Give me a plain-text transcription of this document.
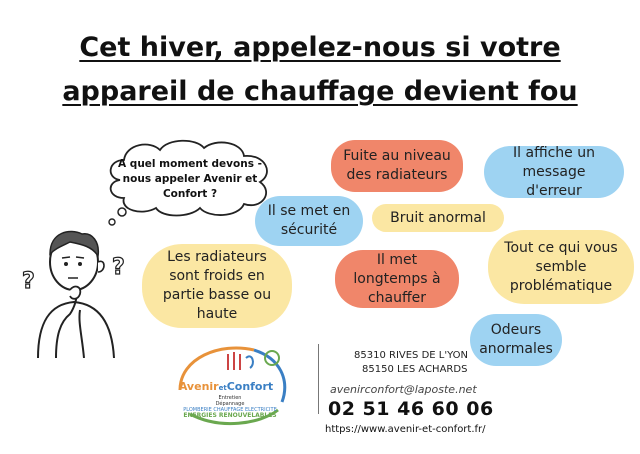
Cet hiver, appelez-nous si votre
appareil de chauffage devient fou
A quel moment devons - nous appeler Avenir et Confort ?
?
?
Fuite au niveau des radiateurs
Il affiche un message d'erreur
Il se met en sécurité
Bruit anormal
Les radiateurs sont froids en partie basse ou haute
Il met longtemps à chauffer
Tout ce qui vous semble problématique
Odeurs anormales
AveniretConfort
Entretien
Dépannage
PLOMBERIE CHAUFFAGE ELECTRICITE
ENERGIES RENOUVELABLES
85310 RIVES DE L'YON
85150 LES ACHARDS
avenirconfort@laposte.net
02 51 46 60 06
https://www.avenir-et-confort.fr/
